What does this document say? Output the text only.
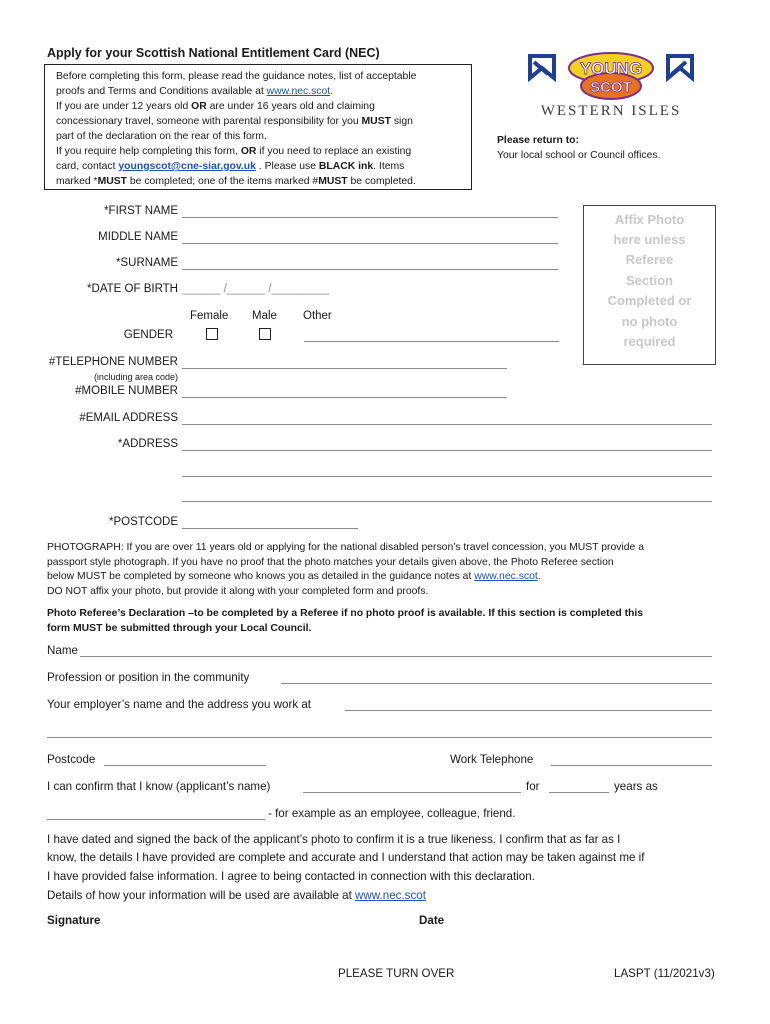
Apply for your Scottish National Entitlement Card (NEC)
Before completing this form, please read the guidance notes, list of acceptable
proofs and Terms and Conditions available at www.nec.scot.
If you are under 12 years old OR are under 16 years old and claiming
concessionary travel, someone with parental responsibility for you MUST sign
part of the declaration on the rear of this form.
If you require help completing this form, OR if you need to replace an existing
card, contact youngscot@cne-siar.gov.uk . Please use BLACK ink. Items
marked *MUST be completed; one of the items marked #MUST be completed.
YOUNG
SCOT
WESTERN ISLES
Please return to:
Your local school or Council offices.
*FIRST NAME
MIDDLE NAME
*SURNAME
*DATE OF BIRTH ______ /______ /_________
Female Male Other
GENDER
Affix Photo
here unless
Referee
Section
Completed or
no photo
required
#TELEPHONE NUMBER
(including area code)
#MOBILE NUMBER
#EMAIL ADDRESS
*ADDRESS
*POSTCODE
PHOTOGRAPH: If you are over 11 years old or applying for the national disabled person’s travel concession, you MUST provide a
passport style photograph. If you have no proof that the photo matches your details given above, the Photo Referee section
below MUST be completed by someone who knows you as detailed in the guidance notes at www.nec.scot.
DO NOT affix your photo, but provide it along with your completed form and proofs.
Photo Referee’s Declaration –to be completed by a Referee if no photo proof is available. If this section is completed this
form MUST be submitted through your Local Council.
Name
Profession or position in the community
Your employer’s name and the address you work at
Postcode	Work Telephone
I can confirm that I know (applicant’s name)	for	years as
- for example as an employee, colleague, friend.
I have dated and signed the back of the applicant’s photo to confirm it is a true likeness. I confirm that as far as I
know, the details I have provided are complete and accurate and I understand that action may be taken against me if
I have provided false information. I agree to being contacted in connection with this declaration.
Details of how your information will be used are available at www.nec.scot
Signature	Date
PLEASE TURN OVER	LASPT (11/2021v3)
